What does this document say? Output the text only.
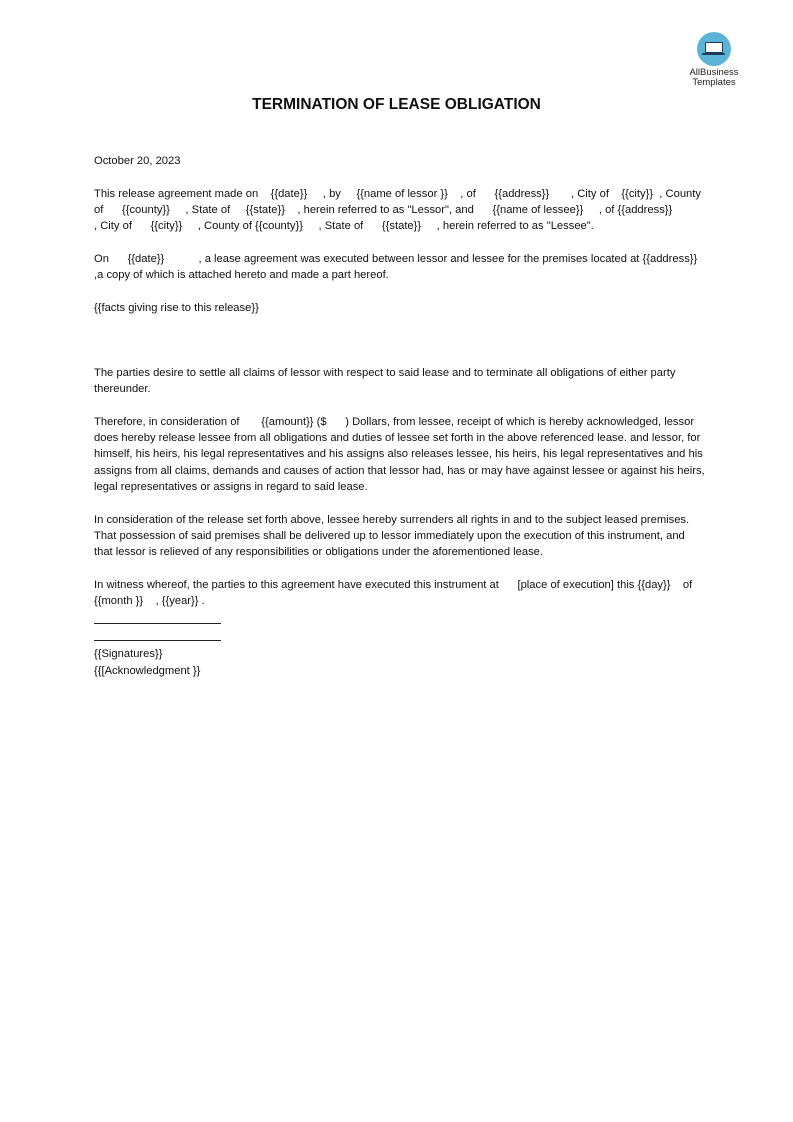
AllBusiness
Templates
TERMINATION OF LEASE OBLIGATION

October 20, 2023

This release agreement made on    {{date}}     , by     {{name of lessor }}    , of      {{address}}       , City of    {{city}}  , County of      {{county}}     , State of     {{state}}    , herein referred to as "Lessor", and      {{name of lessee}}     , of {{address}}              , City of      {{city}}     , County of {{county}}     , State of      {{state}}     , herein referred to as "Lessee".

On      {{date}}           , a lease agreement was executed between lessor and lessee for the premises located at {{address}}              ,a copy of which is attached hereto and made a part hereof.

{{facts giving rise to this release}}

The parties desire to settle all claims of lessor with respect to said lease and to terminate all obligations of either party thereunder.

Therefore, in consideration of       {{amount}} ($      ) Dollars, from lessee, receipt of which is hereby acknowledged, lessor does hereby release lessee from all obligations and duties of lessee set forth in the above referenced lease. and lessor, for himself, his heirs, his legal representatives and his assigns also releases lessee, his heirs, his legal representatives and his assigns from all claims, demands and causes of action that lessor had, has or may have against lessee or against his heirs, legal representatives or assigns in regard to said lease.

In consideration of the release set forth above, lessee hereby surrenders all rights in and to the subject leased premises.  That possession of said premises shall be delivered up to lessor immediately upon the execution of this instrument, and that lessor is relieved of any responsibilities or obligations under the aforementioned lease.

In witness whereof, the parties to this agreement have executed this instrument at      [place of execution] this {{day}}    of   {{month }}    , {{year}} .

{{Signatures}}
{{[Acknowledgment }}
